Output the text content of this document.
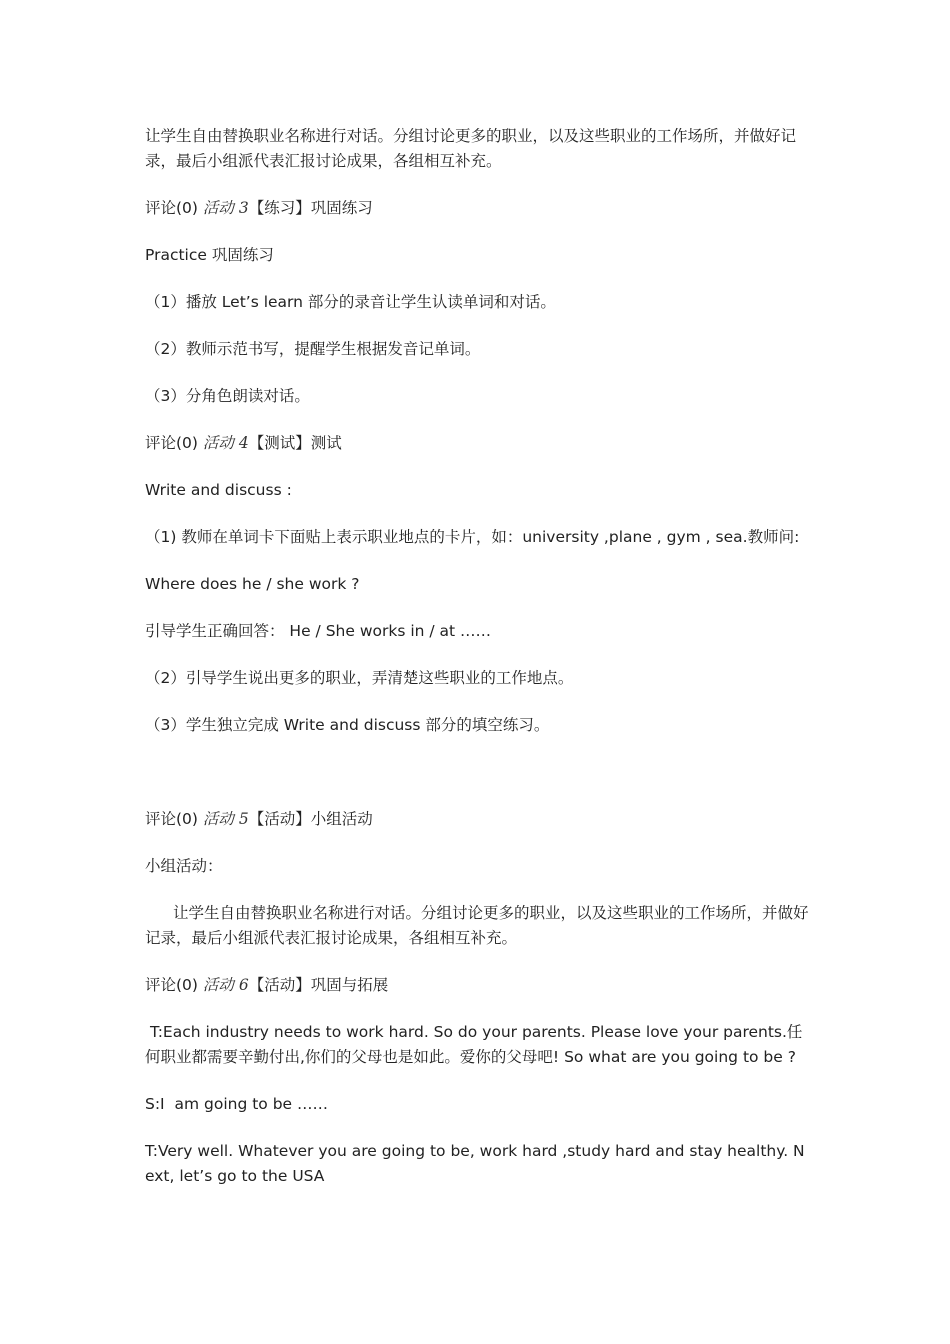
让学生自由替换职业名称进行对话。分组讨论更多的职业，以及这些职业的工作场所，并做好记录，最后小组派代表汇报讨论成果，各组相互补充。

评论(0) 活动 3【练习】巩固练习

Practice 巩固练习

（1）播放 Let’s learn 部分的录音让学生认读单词和对话。

（2）教师示范书写，提醒学生根据发音记单词。

（3）分角色朗读对话。

评论(0) 活动 4【测试】测试

Write and discuss :

（1) 教师在单词卡下面贴上表示职业地点的卡片，如：university ,plane , gym , sea.教师问:

Where does he / she work ?

引导学生正确回答： He / She works in / at ……

（2）引导学生说出更多的职业，弄清楚这些职业的工作地点。

（3）学生独立完成 Write and discuss 部分的填空练习。

评论(0) 活动 5【活动】小组活动

小组活动：

让学生自由替换职业名称进行对话。分组讨论更多的职业，以及这些职业的工作场所，并做好记录，最后小组派代表汇报讨论成果，各组相互补充。

评论(0) 活动 6【活动】巩固与拓展

T:Each industry needs to work hard. So do your parents. Please love your parents.任何职业都需要辛勤付出,你们的父母也是如此。爱你的父母吧! So what are you going to be ?

S:I  am going to be ……

T:Very well. Whatever you are going to be, work hard ,study hard and stay healthy. Next, let’s go to the USA
